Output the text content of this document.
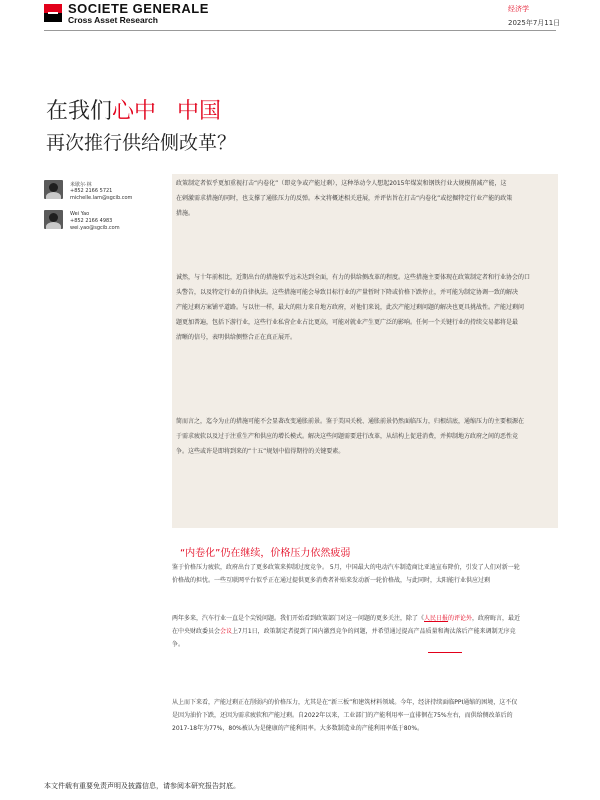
SOCIETE GENERALE
Cross Asset Research
经济学
2025年7月11日
在我们心中 中国
再次推行供给侧改革？
米歇尔·林
+852 2166 5721
michelle.lam@sgcib.com
Wei Yao
+852 2166 4983
wei.yao@sgcib.com
政策制定者似乎更加重视打击“内卷化”（即竞争或产能过剩），这种举动令人想起2015年煤炭和钢铁行业大规模削减产能，这
在刺激需求措施的同时，也支撑了通胀压力的反弹。本文将概述相关进展，并评估旨在打击“内卷化”或挖掘特定行业产能的政策
措施。
诚然，与十年前相比，近期出台的措施似乎远未达到全面，有力的供给侧改革的程度。这些措施主要体现在政策制定者和行业协会的口
头警告，以及特定行业的自律执法。这些措施可能会导致目标行业的产量暂时下降或价格下跌停止，并可能为制定协调一致的解决
产能过剩方案铺平道路。与以往一样，最大的阻力来自地方政府，对他们来说，此次产能过剩问题的解决也更具挑战性。产能过剩问
题更加普遍，包括下游行业，这些行业私营企业占比更高，可能对就业产生更广泛的影响。任何一个关键行业的持续交易都将是最
清晰的信号，表明供给侧整合正在真正展开。
简而言之，迄今为止的措施可能不会显著改变通胀前景。鉴于美国关税、通胀前景仍然面临压力，归根结底，通缩压力的主要根源在
于需求疲软以及过于注重生产和供应的增长模式。解决这些问题需要进行改革，从结构上促进消费，并抑制地方政府之间的恶性竞
争。这些或许是即将到来的“十五”规划中值得期待的关键要素。
“内卷化”仍在继续，价格压力依然疲弱
鉴于价格压力疲软，政府出台了更多政策来抑制过度竞争。 5月，中国最大的电动汽车制造商比亚迪宣布降价，引发了人们对新一轮
价格战的担忧。一些互联网平台似乎正在通过提供更多消费者补贴来发动新一轮价格战，与此同时，太阳能行业供应过剩
两年多来，汽车行业一直是个尖锐问题。我们开始看到政策部门对这一问题的更多关注，除了《人民日报的评论外，政府晦言，最近
在中央财政委员会会议上7月1日，政策制定者提到了国内激烈竞争的问题，并希望通过提高产品质量和淘汰落后产能来调制无序竞
争。
从上而下来看，产能过剩正在削弱内的价格压力，尤其是在“新三板”和建筑材料领域。今年，经济持续面临PPI通缩的困境，这不仅
是因为油价下跌，还因为需求疲软和产能过剩。自2022年以来，工业部门的产能利用率一直徘徊在75%左右，而供给侧改革后的
2017-18年为77%，80%被认为是健康的产能利用率。大多数制造业的产能利用率低于80%。
本文件载有重要免责声明及披露信息，请参阅本研究报告封底。
